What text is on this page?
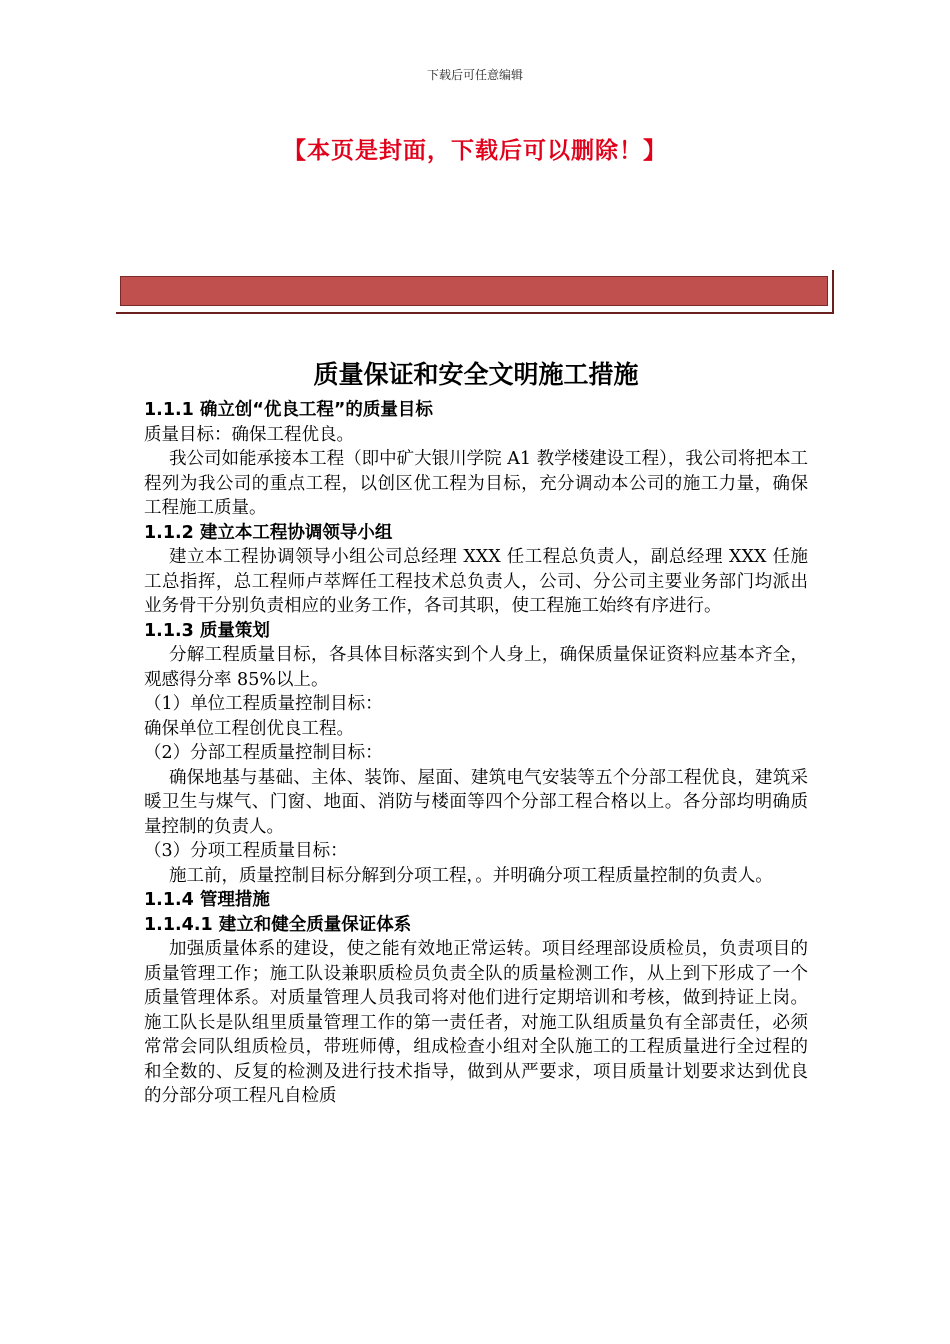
下载后可任意编辑
【本页是封面，下载后可以删除！】
质量保证和安全文明施工措施
1.1.1 确立创“优良工程”的质量目标
质量目标：确保工程优良。
我公司如能承接本工程（即中矿大银川学院 A1 教学楼建设工程），我公司将把本工程列为我公司的重点工程，以创区优工程为目标，充分调动本公司的施工力量，确保工程施工质量。
1.1.2 建立本工程协调领导小组
建立本工程协调领导小组公司总经理 XXX 任工程总负责人，副总经理 XXX 任施工总指挥，总工程师卢萃辉任工程技术总负责人，公司、分公司主要业务部门均派出业务骨干分别负责相应的业务工作，各司其职，使工程施工始终有序进行。
1.1.3 质量策划
分解工程质量目标，各具体目标落实到个人身上，确保质量保证资料应基本齐全，观感得分率 85%以上。
（1）单位工程质量控制目标：
确保单位工程创优良工程。
（2）分部工程质量控制目标：
确保地基与基础、主体、装饰、屋面、建筑电气安装等五个分部工程优良，建筑采暖卫生与煤气、门窗、地面、消防与楼面等四个分部工程合格以上。各分部均明确质量控制的负责人。
（3）分项工程质量目标：
施工前，质量控制目标分解到分项工程，。并明确分项工程质量控制的负责人。
1.1.4 管理措施
1.1.4.1 建立和健全质量保证体系
加强质量体系的建设，使之能有效地正常运转。项目经理部设质检员，负责项目的质量管理工作；施工队设兼职质检员负责全队的质量检测工作，从上到下形成了一个质量管理体系。对质量管理人员我司将对他们进行定期培训和考核，做到持证上岗。施工队长是队组里质量管理工作的第一责任者，对施工队组质量负有全部责任，必须常常会同队组质检员，带班师傅，组成检查小组对全队施工的工程质量进行全过程的和全数的、反复的检测及进行技术指导，做到从严要求，项目质量计划要求达到优良的分部分项工程凡自检质
